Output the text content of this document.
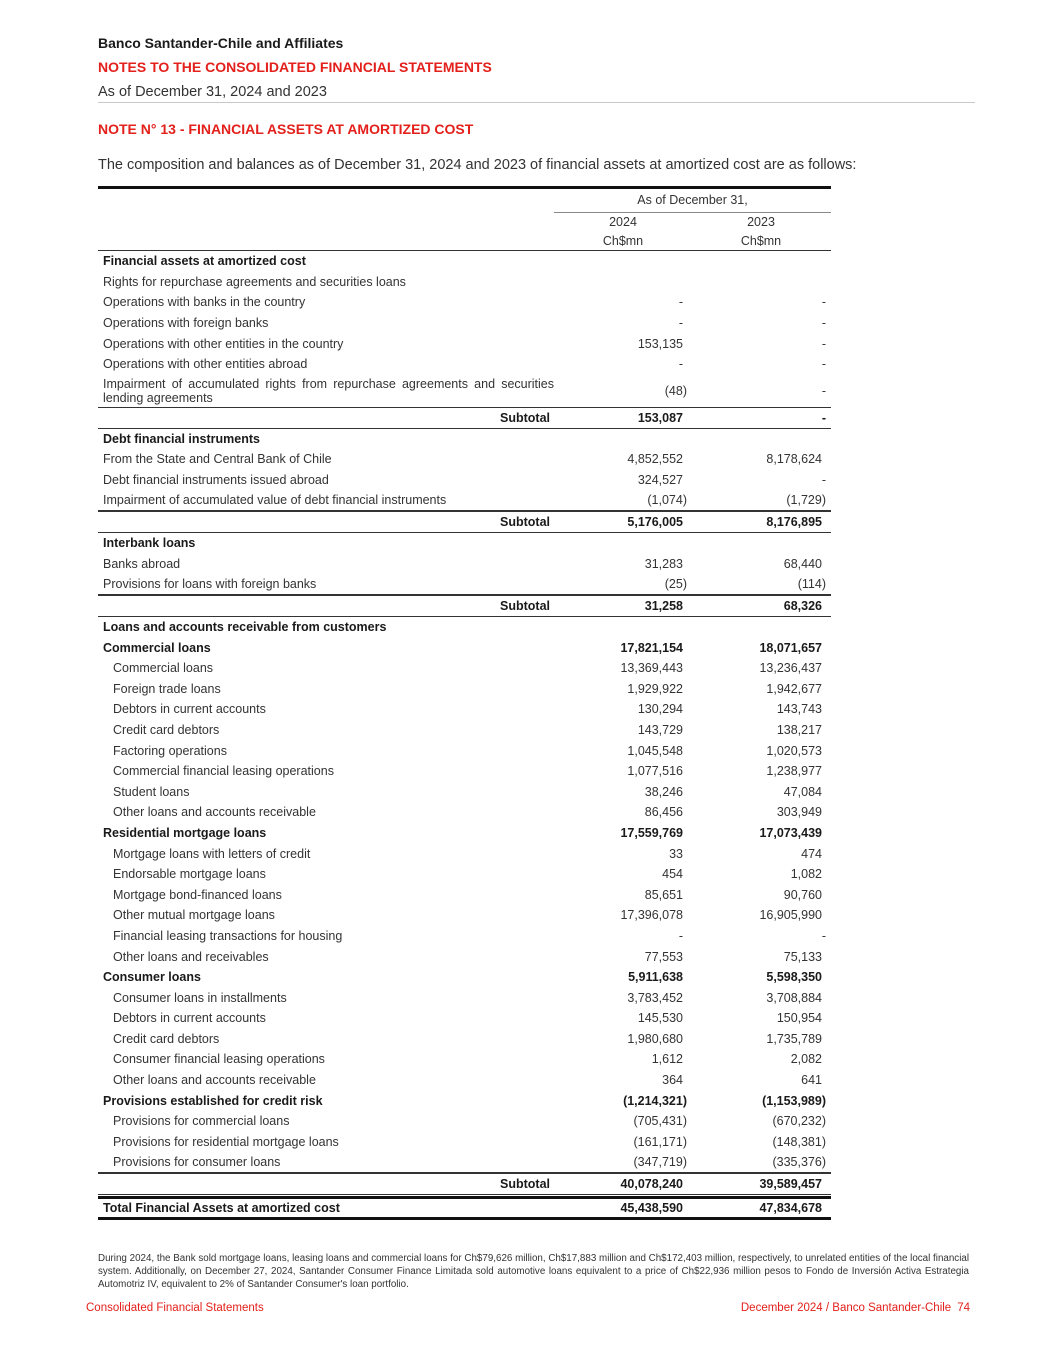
Banco Santander-Chile and Affiliates
NOTES TO THE CONSOLIDATED FINANCIAL STATEMENTS
As of December 31, 2024 and 2023
NOTE N° 13 - FINANCIAL ASSETS AT AMORTIZED COST
The composition and balances as of December 31, 2024 and 2023 of financial assets at amortized cost are as follows:
As of December 31,
2024	2023
Ch$mn	Ch$mn
Financial assets at amortized cost
Rights for repurchase agreements and securities loans
Operations with banks in the country	-	-
Operations with foreign banks	-	-
Operations with other entities in the country	153,135	-
Operations with other entities abroad	-	-
Impairment of accumulated rights from repurchase agreements and securities lending agreements	(48)	-
Subtotal	153,087	-
Debt financial instruments
From the State and Central Bank of Chile	4,852,552	8,178,624
Debt financial instruments issued abroad	324,527	-
Impairment of accumulated value of debt financial instruments	(1,074)	(1,729)
Subtotal	5,176,005	8,176,895
Interbank loans
Banks abroad	31,283	68,440
Provisions for loans with foreign banks	(25)	(114)
Subtotal	31,258	68,326
Loans and accounts receivable from customers
Commercial loans	17,821,154	18,071,657
Commercial loans	13,369,443	13,236,437
Foreign trade loans	1,929,922	1,942,677
Debtors in current accounts	130,294	143,743
Credit card debtors	143,729	138,217
Factoring operations	1,045,548	1,020,573
Commercial financial leasing operations	1,077,516	1,238,977
Student loans	38,246	47,084
Other loans and accounts receivable	86,456	303,949
Residential mortgage loans	17,559,769	17,073,439
Mortgage loans with letters of credit	33	474
Endorsable mortgage loans	454	1,082
Mortgage bond-financed loans	85,651	90,760
Other mutual mortgage loans	17,396,078	16,905,990
Financial leasing transactions for housing	-	-
Other loans and receivables	77,553	75,133
Consumer loans	5,911,638	5,598,350
Consumer loans in installments	3,783,452	3,708,884
Debtors in current accounts	145,530	150,954
Credit card debtors	1,980,680	1,735,789
Consumer financial leasing operations	1,612	2,082
Other loans and accounts receivable	364	641
Provisions established for credit risk	(1,214,321)	(1,153,989)
Provisions for commercial loans	(705,431)	(670,232)
Provisions for residential mortgage loans	(161,171)	(148,381)
Provisions for consumer loans	(347,719)	(335,376)
Subtotal	40,078,240	39,589,457
Total Financial Assets at amortized cost	45,438,590	47,834,678
During 2024, the Bank sold mortgage loans, leasing loans and commercial loans for Ch$79,626 million, Ch$17,883 million and Ch$172,403 million, respectively, to unrelated entities of the local financial system. Additionally, on December 27, 2024, Santander Consumer Finance Limitada sold automotive loans equivalent to a price of Ch$22,936 million pesos to Fondo de Inversión Activa Estrategia Automotriz IV, equivalent to 2% of Santander Consumer's loan portfolio.
Consolidated Financial Statements	December 2024 / Banco Santander-Chile 74
